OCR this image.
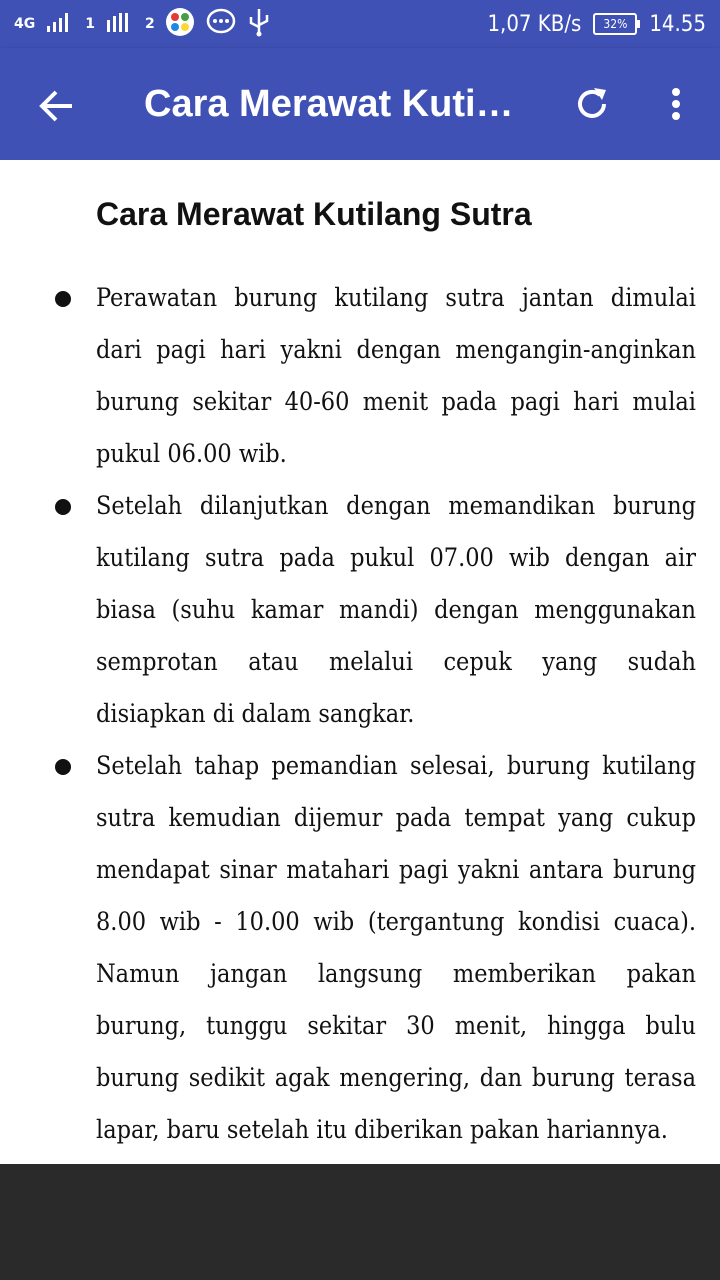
4G	1	2	1,07 KB/s	32%	14.55
Cara Merawat Kutil…
Cara Merawat Kutilang Sutra
Perawatan burung kutilang sutra jantan dimulai dari pagi hari yakni dengan mengangin-anginkan burung sekitar 40-60 menit pada pagi hari mulai pukul 06.00 wib.
Setelah dilanjutkan dengan memandikan burung kutilang sutra pada pukul 07.00 wib dengan air biasa (suhu kamar mandi) dengan menggunakan semprotan atau melalui cepuk yang sudah disiapkan di dalam sangkar.
Setelah tahap pemandian selesai, burung kutilang sutra kemudian dijemur pada tempat yang cukup mendapat sinar matahari pagi yakni antara burung 8.00 wib - 10.00 wib (tergantung kondisi cuaca). Namun jangan langsung memberikan pakan burung, tunggu sekitar 30 menit, hingga bulu burung sedikit agak mengering, dan burung terasa lapar, baru setelah itu diberikan pakan hariannya.
